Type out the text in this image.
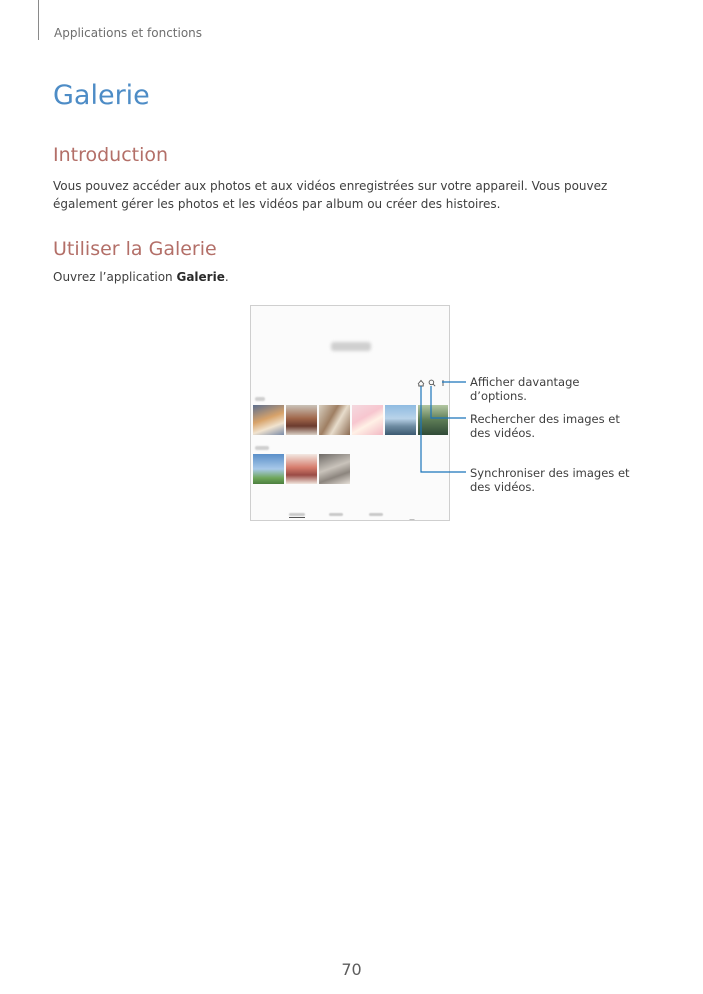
Applications et fonctions
Galerie
Introduction
Vous pouvez accéder aux photos et aux vidéos enregistrées sur votre appareil. Vous pouvez également gérer les photos et les vidéos par album ou créer des histoires.
Utiliser la Galerie
Ouvrez l’application Galerie.
Afficher davantage d’options.
Rechercher des images et des vidéos.
Synchroniser des images et des vidéos.
70
